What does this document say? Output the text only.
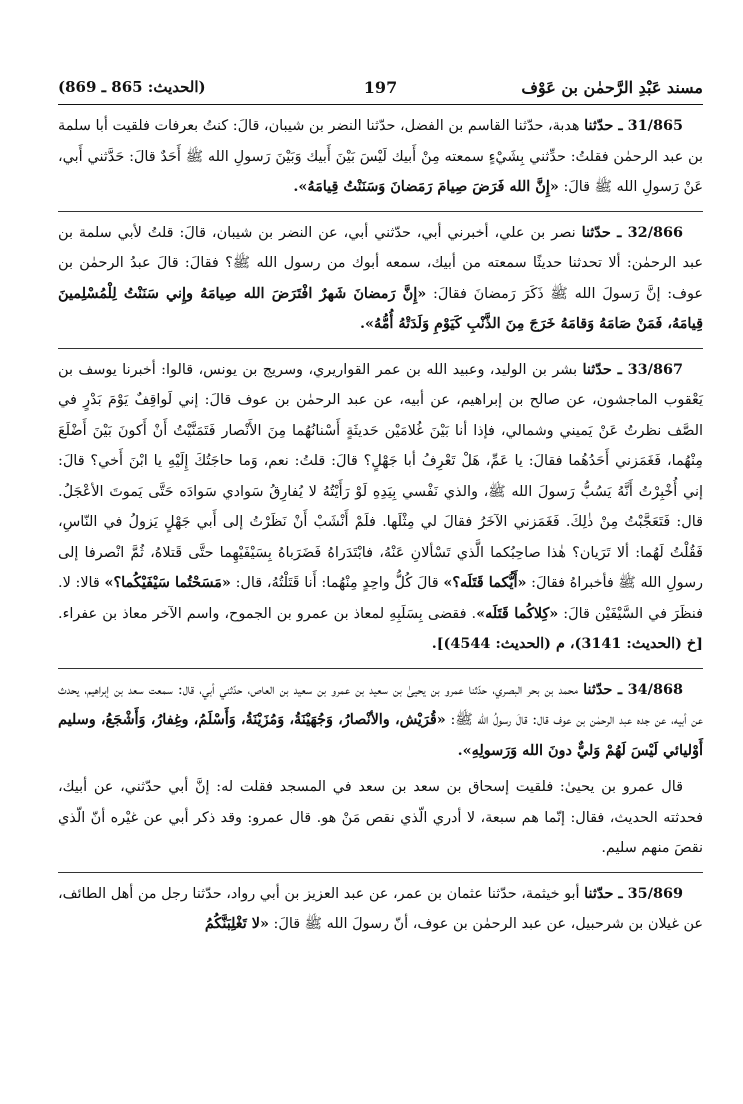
مسند عَبْدِ الرَّحمٰن بن عَوْف
197
(الحديث: 865 ـ 869)

31/865 ـ حدّثنا هدبة، حدّثنا القاسم بن الفضل، حدّثنا النضر بن شيبان، قالَ: كنتُ بعرفات فلقيت أبا سلمة بن عبد الرحمٰن فقلتُ: حدِّثني بِشَيْءٍ سمعته مِنْ أَبيك لَيْسَ بَيْنَ أَبيك وَبَيْنَ رَسولِ الله ﷺ أَحَدٌ قالَ: حَدَّثني أَبي، عَنْ رَسولِ الله ﷺ قالَ: «إِنَّ الله فَرَضَ صِيامَ رَمَضانَ وَسَنَنْتُ قِيامَهُ».

32/866 ـ حدّثنا نصر بن علي، أخبرني أبي، حدّثني أبي، عن النضر بن شيبان، قالَ: قلتُ لأبي سلمة بن عبد الرحمٰن: ألا تحدثنا حديثًا سمعته من أبيك، سمعه أبوك من رسول الله ﷺ؟ فقالَ: قالَ عبدُ الرحمٰن بن عوف: إنَّ رَسولَ الله ﷺ ذَكَرَ رَمضانَ فقالَ: «إِنَّ رَمضانَ شَهرٌ افْتَرَضَ الله صِيامَهُ وإِني سَنَنْتُ لِلْمُسْلِمينَ قِيامَهُ، فَمَنْ صَامَهُ وَقامَهُ خَرَجَ مِنَ الذَّنْبِ كَيَوْمِ وَلَدَتْهُ أُمُّهُ».

33/867 ـ حدّثنا بشر بن الوليد، وعبيد الله بن عمر القواريري، وسريج بن يونس، قالوا: أخبرنا يوسف بن يَعْقوب الماجشون، عن صالح بن إبراهيم، عن أبيه، عن عبد الرحمٰن بن عوف قالَ: إني لَواقِفٌ يَوْمَ بَدْرٍ في الصَّف نظرتُ عَنْ يَميني وشمالي، فإذا أنا بَيْنَ غُلامَيْن حَديثَةٍ أَسْنانُهُما مِنَ الأَنْصار فَتَمَنَّيْتُ أَنْ أَكونَ بَيْنَ أَضْلَعَ مِنْهُما، فَغَمَزني أَحَدُهُما فقالَ: يا عَمِّ، هَلْ تَعْرِفُ أبا جَهْلٍ؟ قالَ: قلتُ: نعم، وَما حاجَتُكَ إِلَيْهِ يا ابْنَ أَخي؟ قالَ: إني أُخْبِرْتُ أَنَّهُ يَسُبُّ رَسولَ الله ﷺ، والذي نَفْسي بِيَدِهِ لَوْ رَأَيْتُهُ لا يُفارِقُ سَوادي سَوادَه حَتَّى يَموتَ الأعْجَلُ. قال: فَتَعَجَّبْتُ مِنْ ذٰلِكَ. فَغَمَزني الآخَرُ فقالَ لي مِثْلَها. فلَمْ أَنْشَبْ أَنْ نَظَرْتُ إلى أَبي جَهْلٍ يَزولُ في النّاسِ، فَقُلْتُ لَهُما: ألا تَرَيان؟ هٰذا صاحِبُكما الَّذي تَسْألانِ عَنْهُ، فابْتَدَراهُ فَضَرَباهُ بِسَيْفَيْهِما حتَّى قَتلاهُ، ثُمَّ انْصرفا إلى رسولِ الله ﷺ فأخبراهُ فقالَ: «أَيُّكما قَتَلَه؟» قالَ كُلُّ واحِدٍ مِنْهُما: أَنا قَتَلْتُهُ، قال: «مَسَحْتُما سَيْفَيْكُما؟» قالا: لا. فنظَرَ في السَّيْفَيْن قالَ: «كِلاكُما قَتَلَه». فقضى بِسَلَبِهِ لمعاذ بن عمرو بن الجموح، واسم الآخر معاذ بن عفراء. [خ (الحديث: 3141)، م (الحديث: 4544)].

34/868 ـ حدّثنا محمد بن بحر البصري، حدّثنا عمرو بن يحيىٰ بن سعيد بن عمرو بن سعيد بن العاص، حدّثني أبي، قال: سمعت سعد بن إبراهيم، يحدث عن أبيه، عن جده عبد الرحمٰن بن عوف قال: قالَ رسولُ الله ﷺ: «قُرَيْش، والأنْصارُ، وَجُهَيْنَةُ، وَمُزَيْنَةُ، وَأَسْلَمُ، وغِفارُ، وَأَشْجَعُ، وسليم أَوْليائي لَيْسَ لَهُمْ وَليٌّ دونَ الله وَرَسولِهِ».

قال عمرو بن يحيىٰ: فلقيت إسحاق بن سعد بن سعد في المسجد فقلت له: إنَّ أبي حدّثني، عن أبيك، فحدثته الحديث، فقال: إنّما هم سبعة، لا أدري الّذي نقص مَنْ هو. قال عمرو: وقد ذكر أبي عن غيْره أنّ الّذي نقصَ منهم سليم.

35/869 ـ حدّثنا أبو خيثمة، حدّثنا عثمان بن عمر، عن عبد العزيز بن أبي رواد، حدّثنا رجل من أهل الطائف، عن غيلان بن شرحبيل، عن عبد الرحمٰن بن عوف، أنّ رسولَ الله ﷺ قالَ: «لا تَغْلِبَنَّكُمُ
